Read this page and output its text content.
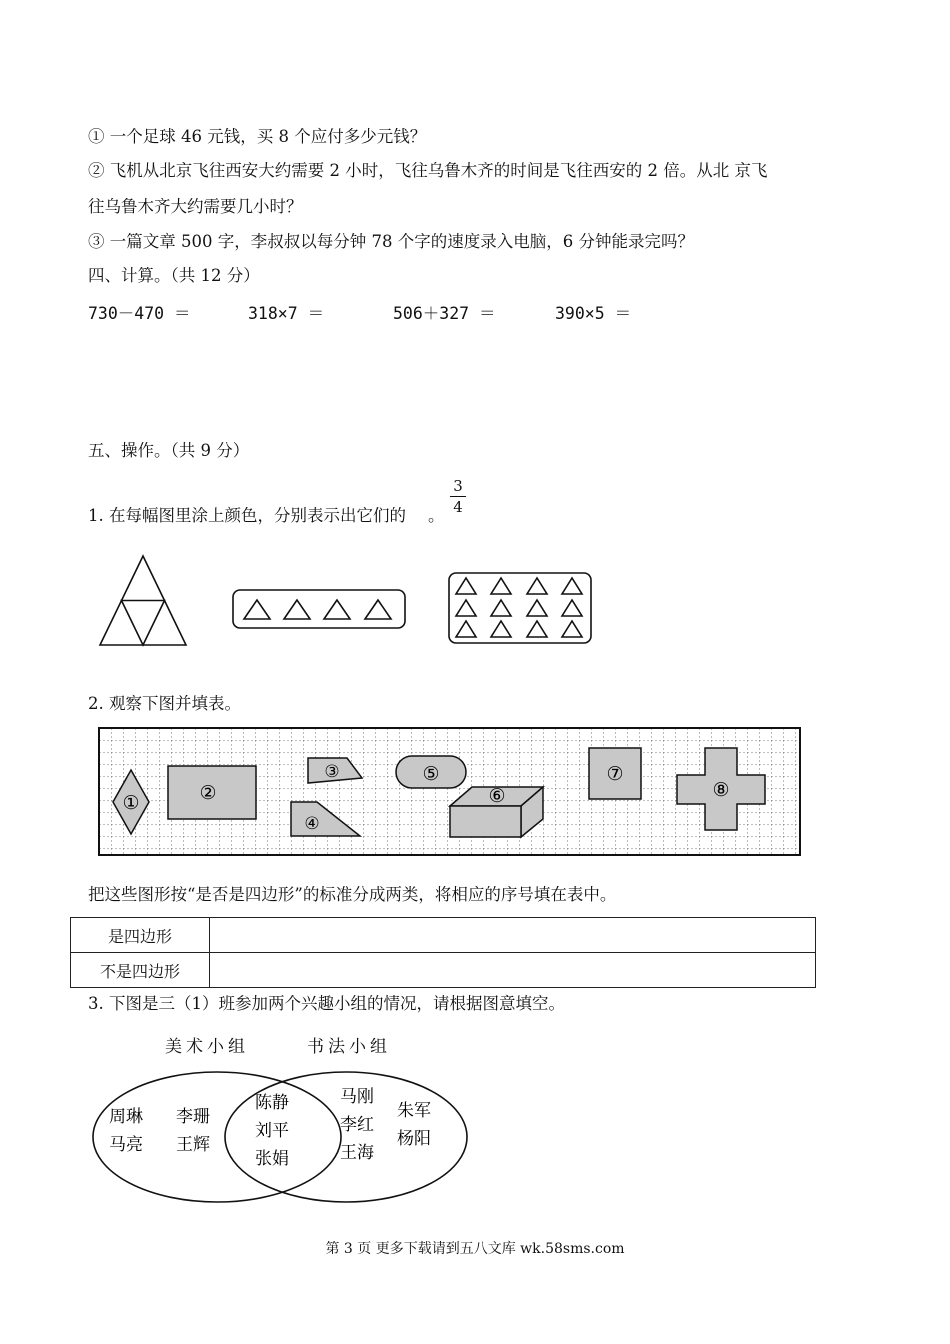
① 一个足球 46 元钱，买 8 个应付多少元钱？
② 飞机从北京飞往西安大约需要 2 小时，飞往乌鲁木齐的时间是飞往西安的 2 倍。从北 京飞
往乌鲁木齐大约需要几小时？
③ 一篇文章 500 字，李叔叔以每分钟 78 个字的速度录入电脑，6 分钟能录完吗？
四、计算。（共 12 分）
730－470 ＝	318×7 ＝	506＋327 ＝	390×5 ＝
五、操作。（共 9 分）
1. 在每幅图里涂上颜色，分别表示出它们的 。
3
4
2. 观察下图并填表。
①	②
③
④
⑤
⑥
⑦
⑧
把这些图形按“是否是四边形”的标准分成两类，将相应的序号填在表中。
是四边形	
不是四边形	
3. 下图是三（1）班参加两个兴趣小组的情况，请根据图意填空。
美术小组	书法小组
周琳 李珊
马亮 王辉
陈静
刘平
张娟
马刚
李红
王海
朱军
杨阳
第 3 页 更多下载请到五八文库 wk.58sms.com
